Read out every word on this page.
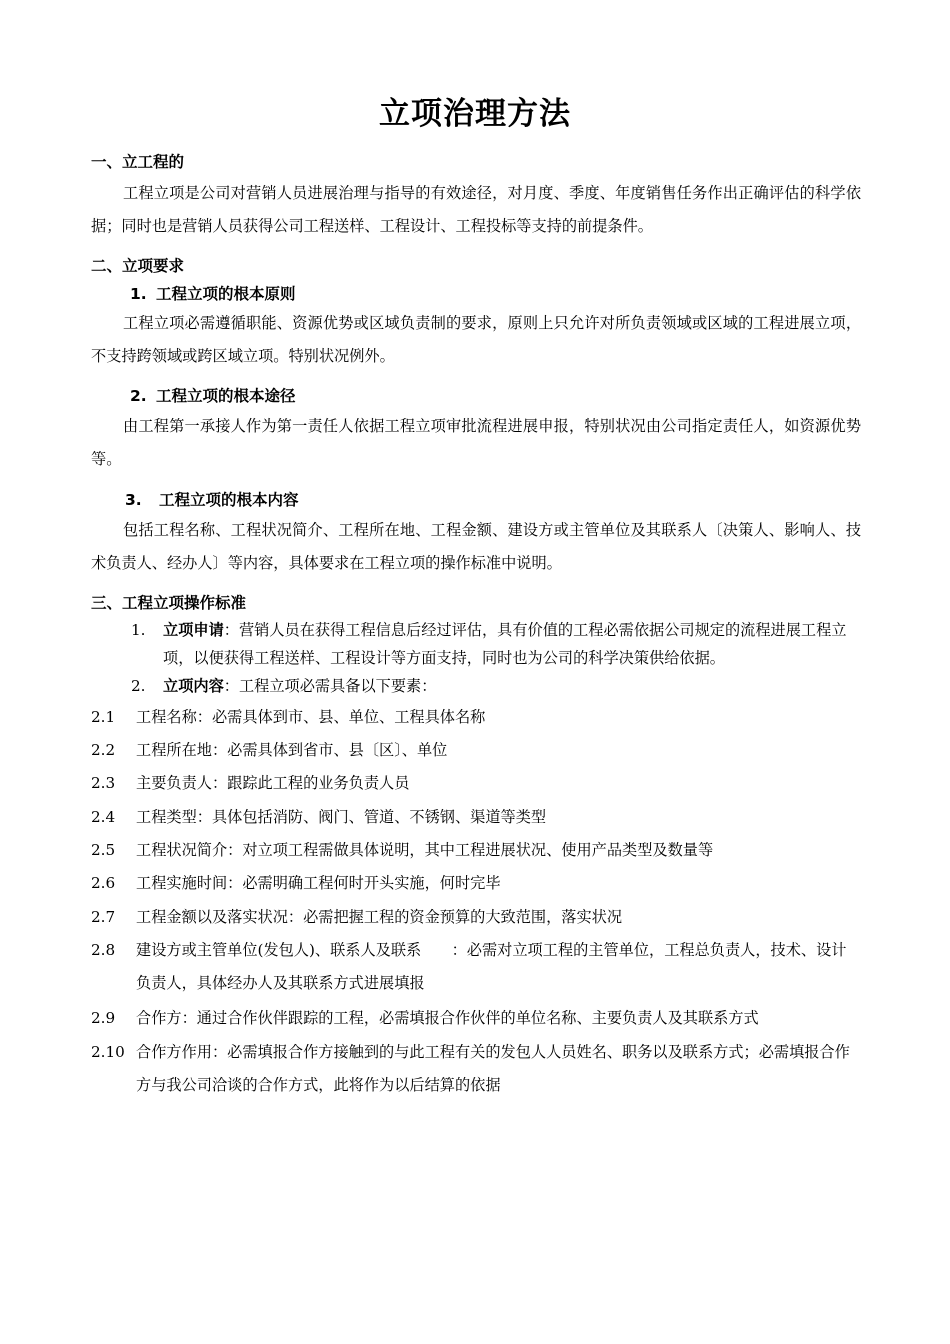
立项治理方法
一、立工程的
工程立项是公司对营销人员进展治理与指导的有效途径，对月度、季度、年度销售任务作出正确评估的科学依据；同时也是营销人员获得公司工程送样、工程设计、工程投标等支持的前提条件。
二、立项要求
1. 工程立项的根本原则
工程立项必需遵循职能、资源优势或区域负责制的要求，原则上只允许对所负责领域或区域的工程进展立项，不支持跨领域或跨区域立项。特别状况例外。
2. 工程立项的根本途径
由工程第一承接人作为第一责任人依据工程立项审批流程进展申报，特别状况由公司指定责任人，如资源优势等。
3. 工程立项的根本内容
包括工程名称、工程状况简介、工程所在地、工程金额、建设方或主管单位及其联系人〔决策人、影响人、技术负责人、经办人〕等内容，具体要求在工程立项的操作标准中说明。
三、工程立项操作标准
1. 立项申请：营销人员在获得工程信息后经过评估，具有价值的工程必需依据公司规定的流程进展工程立项，以便获得工程送样、工程设计等方面支持，同时也为公司的科学决策供给依据。
2. 立项内容：工程立项必需具备以下要素：
2.1 工程名称：必需具体到市、县、单位、工程具体名称
2.2 工程所在地：必需具体到省市、县〔区〕、单位
2.3 主要负责人：跟踪此工程的业务负责人员
2.4 工程类型：具体包括消防、阀门、管道、不锈钢、渠道等类型
2.5 工程状况简介：对立项工程需做具体说明，其中工程进展状况、使用产品类型及数量等
2.6 工程实施时间：必需明确工程何时开头实施，何时完毕
2.7 工程金额以及落实状况：必需把握工程的资金预算的大致范围，落实状况
2.8 建设方或主管单位(发包人)、联系人及联系　　：必需对立项工程的主管单位，工程总负责人，技术、设计负责人，具体经办人及其联系方式进展填报
2.9 合作方：通过合作伙伴跟踪的工程，必需填报合作伙伴的单位名称、主要负责人及其联系方式
2.10 合作方作用：必需填报合作方接触到的与此工程有关的发包人人员姓名、职务以及联系方式；必需填报合作方与我公司洽谈的合作方式，此将作为以后结算的依据
